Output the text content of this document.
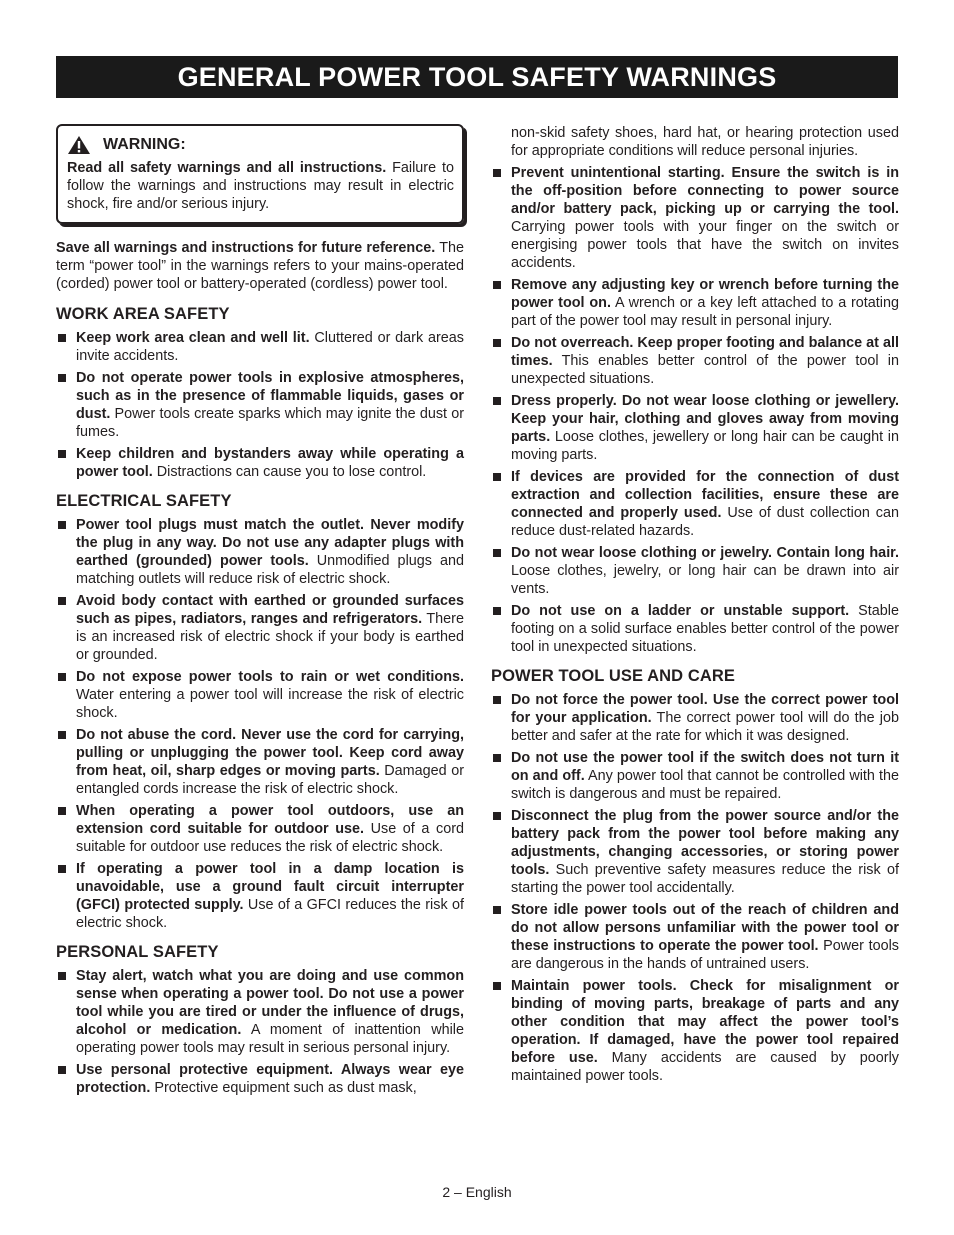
GENERAL POWER TOOL SAFETY WARNINGS
WARNING:

Read all safety warnings and all instructions. Failure to follow the warnings and instructions may result in electric shock, fire and/or serious injury.

Save all warnings and instructions for future reference. The term “power tool” in the warnings refers to your mains-operated (corded) power tool or battery-operated (cordless) power tool.

WORK AREA SAFETY
Keep work area clean and well lit. Cluttered or dark areas invite accidents.
Do not operate power tools in explosive atmospheres, such as in the presence of flammable liquids, gases or dust. Power tools create sparks which may ignite the dust or fumes.
Keep children and bystanders away while operating a power tool. Distractions can cause you to lose control.
ELECTRICAL SAFETY
Power tool plugs must match the outlet. Never modify the plug in any way. Do not use any adapter plugs with earthed (grounded) power tools. Unmodified plugs and matching outlets will reduce risk of electric shock.
Avoid body contact with earthed or grounded surfaces such as pipes, radiators, ranges and refrigerators. There is an increased risk of electric shock if your body is earthed or grounded.
Do not expose power tools to rain or wet conditions. Water entering a power tool will increase the risk of electric shock.
Do not abuse the cord. Never use the cord for carrying, pulling or unplugging the power tool. Keep cord away from heat, oil, sharp edges or moving parts. Damaged or entangled cords increase the risk of electric shock.
When operating a power tool outdoors, use an extension cord suitable for outdoor use. Use of a cord suitable for outdoor use reduces the risk of electric shock.
If operating a power tool in a damp location is unavoidable, use a ground fault circuit interrupter (GFCI) protected supply. Use of a GFCI reduces the risk of electric shock.
PERSONAL SAFETY
Stay alert, watch what you are doing and use common sense when operating a power tool. Do not use a power tool while you are tired or under the influence of drugs, alcohol or medication. A moment of inattention while operating power tools may result in serious personal injury.
Use personal protective equipment. Always wear eye protection. Protective equipment such as dust mask,

non-skid safety shoes, hard hat, or hearing protection used for appropriate conditions will reduce personal injuries.

Prevent unintentional starting. Ensure the switch is in the off-position before connecting to power source and/or battery pack, picking up or carrying the tool. Carrying power tools with your finger on the switch or energising power tools that have the switch on invites accidents.
Remove any adjusting key or wrench before turning the power tool on. A wrench or a key left attached to a rotating part of the power tool may result in personal injury.
Do not overreach. Keep proper footing and balance at all times. This enables better control of the power tool in unexpected situations.
Dress properly. Do not wear loose clothing or jewellery. Keep your hair, clothing and gloves away from moving parts. Loose clothes, jewellery or long hair can be caught in moving parts.
If devices are provided for the connection of dust extraction and collection facilities, ensure these are connected and properly used. Use of dust collection can reduce dust-related hazards.
Do not wear loose clothing or jewelry. Contain long hair. Loose clothes, jewelry, or long hair can be drawn into air vents.
Do not use on a ladder or unstable support. Stable footing on a solid surface enables better control of the power tool in unexpected situations.
POWER TOOL USE AND CARE
Do not force the power tool. Use the correct power tool for your application. The correct power tool will do the job better and safer at the rate for which it was designed.
Do not use the power tool if the switch does not turn it on and off. Any power tool that cannot be controlled with the switch is dangerous and must be repaired.
Disconnect the plug from the power source and/or the battery pack from the power tool before making any adjustments, changing accessories, or storing power tools. Such preventive safety measures reduce the risk of starting the power tool accidentally.
Store idle power tools out of the reach of children and do not allow persons unfamiliar with the power tool or these instructions to operate the power tool. Power tools are dangerous in the hands of untrained users.
Maintain power tools. Check for misalignment or binding of moving parts, breakage of parts and any other condition that may affect the power tool’s operation. If damaged, have the power tool repaired before use. Many accidents are caused by poorly maintained power tools.
2 – English
